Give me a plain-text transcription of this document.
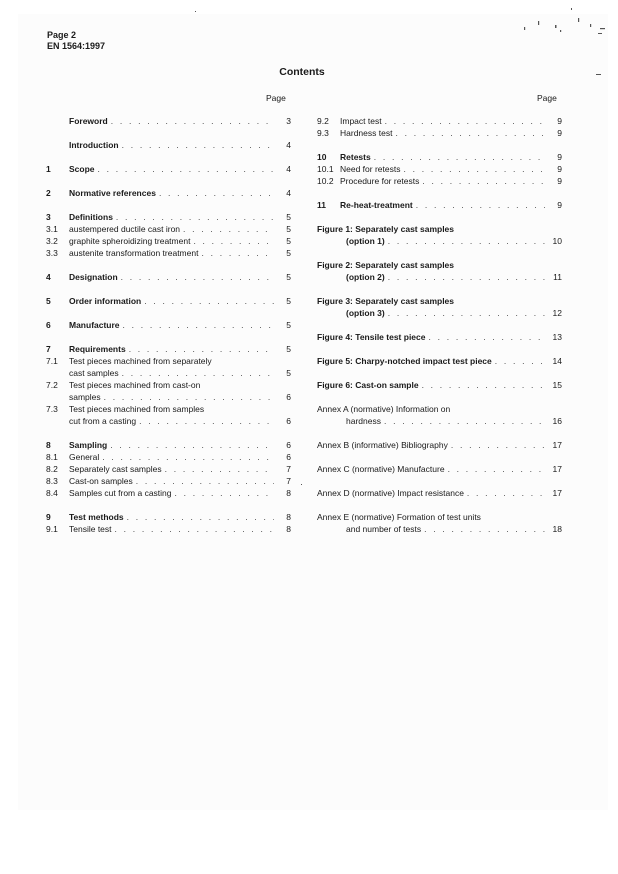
Page 2
EN 1564:1997
Contents
Page	Page
Foreword . . .	3
Introduction . . .	4
1	Scope . . .	4
2	Normative references . . .	4
3	Definitions . . .	5
3.1	austempered ductile cast iron . . .	5
3.2	graphite spheroidizing treatment . . .	5
3.3	austenite transformation treatment . . .	5
4	Designation . . .	5
5	Order information . . .	5
6	Manufacture . . .	5
7	Requirements . . .	5
7.1	Test pieces machined from separately
cast samples . . .	5
7.2	Test pieces machined from cast-on
samples . . .	6
7.3	Test pieces machined from samples
cut from a casting . . .	6
8	Sampling . . .	6
8.1	General . . .	6
8.2	Separately cast samples . . .	7
8.3	Cast-on samples . . .	7
8.4	Samples cut from a casting . . .	8
9	Test methods . . .	8
9.1	Tensile test . . .	8
9.2	Impact test . . .	9
9.3	Hardness test . . .	9
10	Retests . . .	9
10.1 Need for retests . . .	9
10.2 Procedure for retests . . .	9
11	Re-heat-treatment . . .	9
Figure 1: Separately cast samples
(option 1) . . .	10
Figure 2: Separately cast samples
(option 2) . . .	11
Figure 3: Separately cast samples
(option 3) . . .	12
Figure 4: Tensile test piece . . .	13
Figure 5: Charpy-notched impact test piece . . .	14
Figure 6: Cast-on sample . . .	15
Annex A (normative) Information on
hardness . . .	16
Annex B (informative) Bibliography . . .	17
Annex C (normative) Manufacture . . .	17
Annex D (normative) Impact resistance . . .	17
Annex E (normative) Formation of test units
and number of tests . . .	18
